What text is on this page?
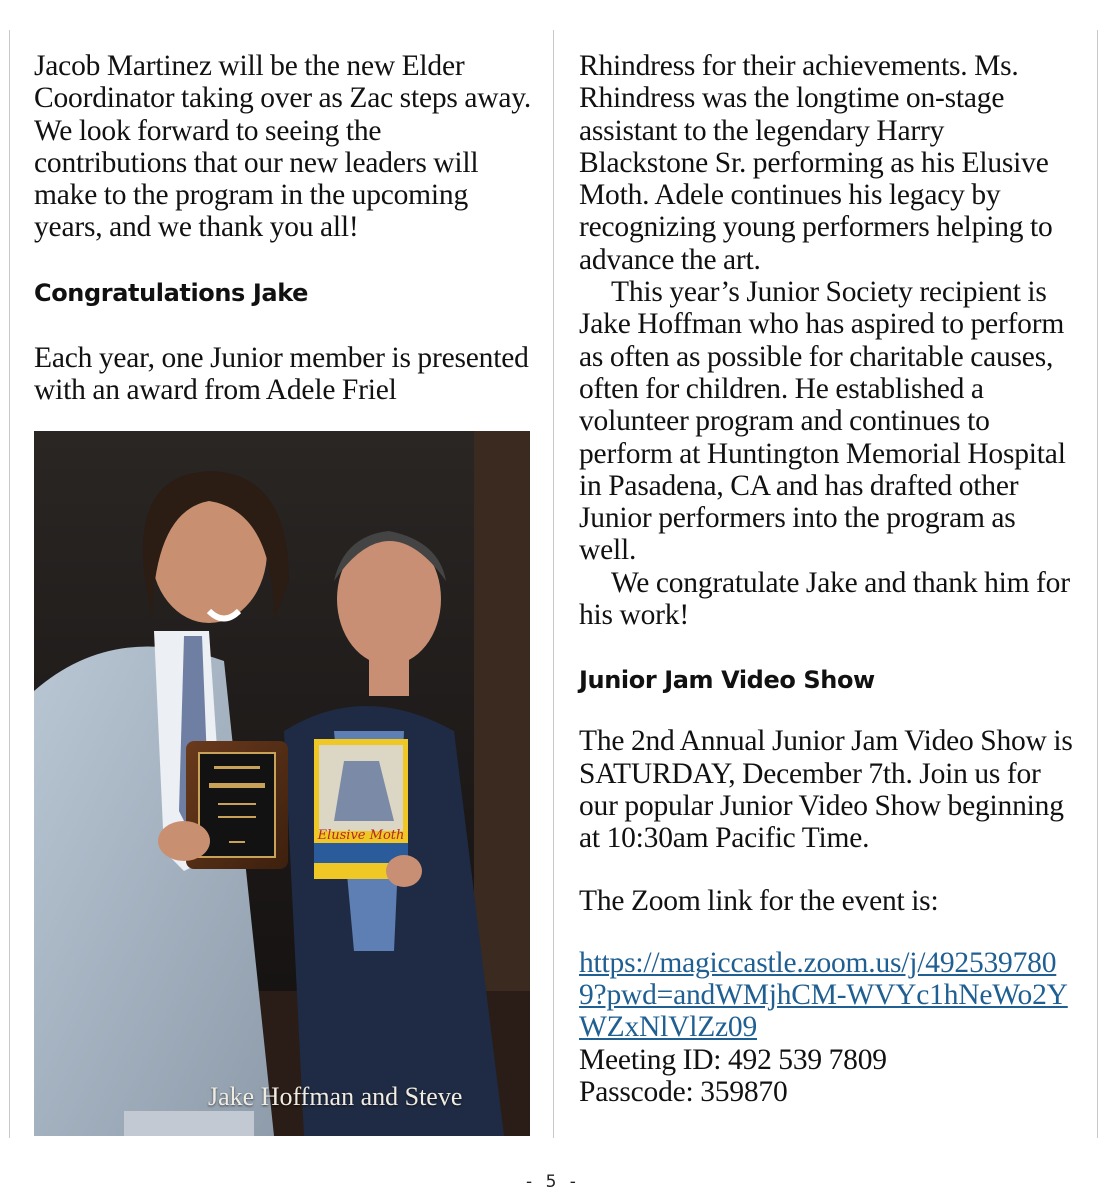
Jacob Martinez will be the new Elder Coordinator taking over as Zac steps away. We look forward to seeing the contributions that our new leaders will make to the program in the upcoming years, and we thank you all!

Congratulations Jake

Each year, one Junior member is presented with an award from Adele Friel

Elusive Moth
Jake Hoffman and Steve

Rhindress for their achievements. Ms. Rhindress was the longtime on-stage assistant to the legendary Harry Blackstone Sr. performing as his Elusive Moth. Adele continues his legacy by recognizing young performers helping to advance the art.

This year’s Junior Society recipient is Jake Hoffman who has aspired to perform as often as possible for charitable causes, often for children. He established a volunteer program and continues to perform at Huntington Memorial Hospital in Pasadena, CA and has drafted other Junior performers into the program as well.

We congratulate Jake and thank him for his work!

Junior Jam Video Show

The 2nd Annual Junior Jam Video Show is SATURDAY, December 7th. Join us for our popular Junior Video Show beginning at 10:30am Pacific Time.

The Zoom link for the event is:

https://magiccastle.zoom.us/j/4925397809?pwd=andWMjhCM-WVYc1hNeWo2YWZxNlVlZz09

Meeting ID: 492 539 7809

Passcode: 359870

- 5 -
